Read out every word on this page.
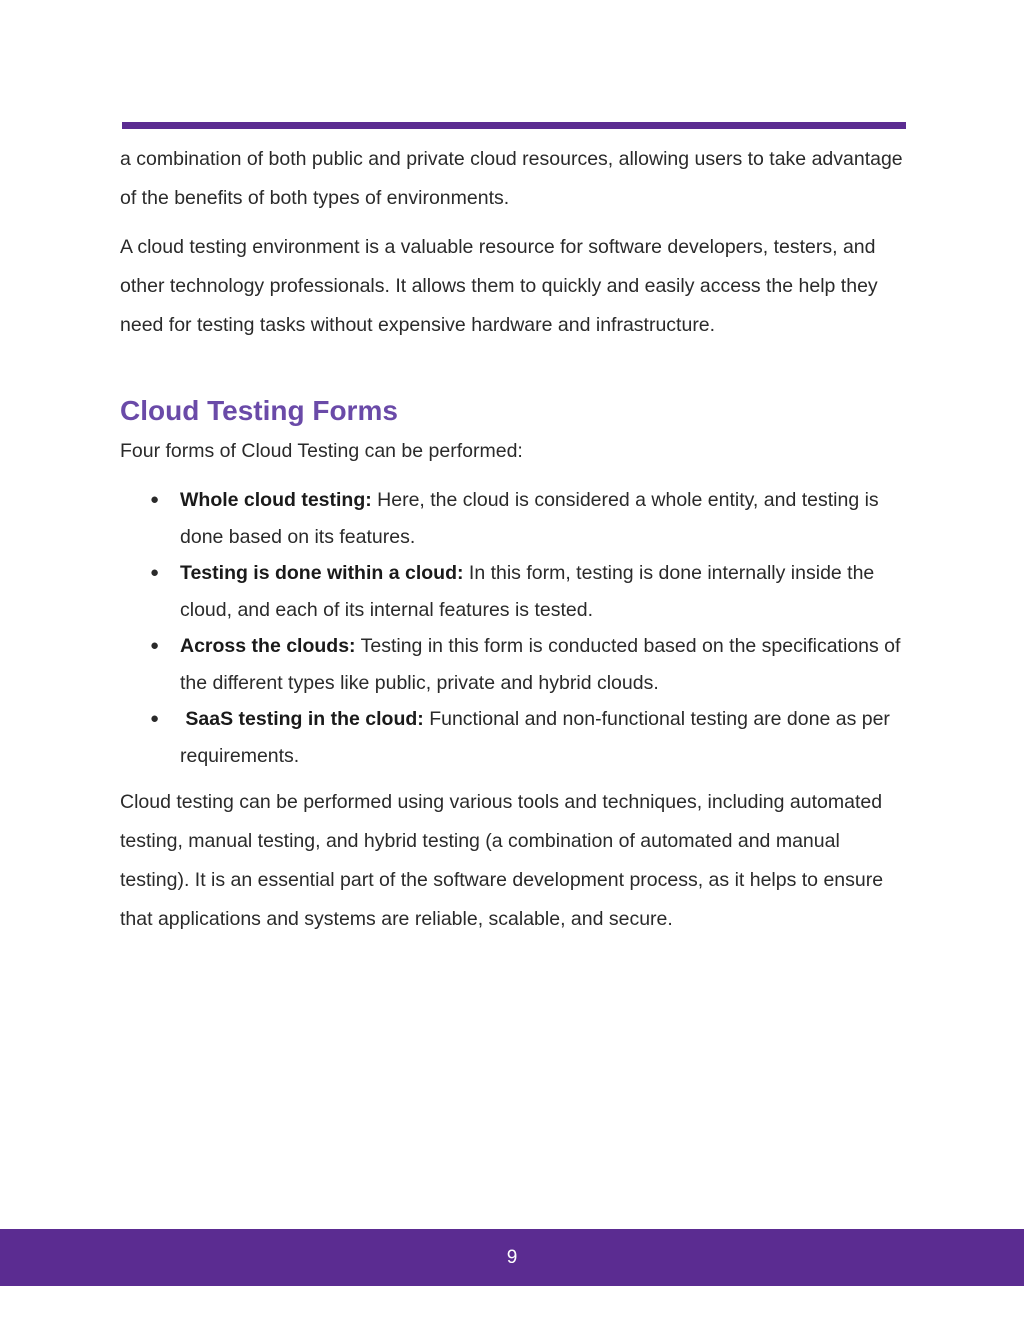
a combination of both public and private cloud resources, allowing users to take advantage of the benefits of both types of environments.

A cloud testing environment is a valuable resource for software developers, testers, and other technology professionals. It allows them to quickly and easily access the help they need for testing tasks without expensive hardware and infrastructure.

Cloud Testing Forms

Four forms of Cloud Testing can be performed:

● Whole cloud testing: Here, the cloud is considered a whole entity, and testing is done based on its features.
● Testing is done within a cloud: In this form, testing is done internally inside the cloud, and each of its internal features is tested.
● Across the clouds: Testing in this form is conducted based on the specifications of the different types like public, private and hybrid clouds.
● SaaS testing in the cloud: Functional and non-functional testing are done as per requirements.

Cloud testing can be performed using various tools and techniques, including automated testing, manual testing, and hybrid testing (a combination of automated and manual testing). It is an essential part of the software development process, as it helps to ensure that applications and systems are reliable, scalable, and secure.

9
